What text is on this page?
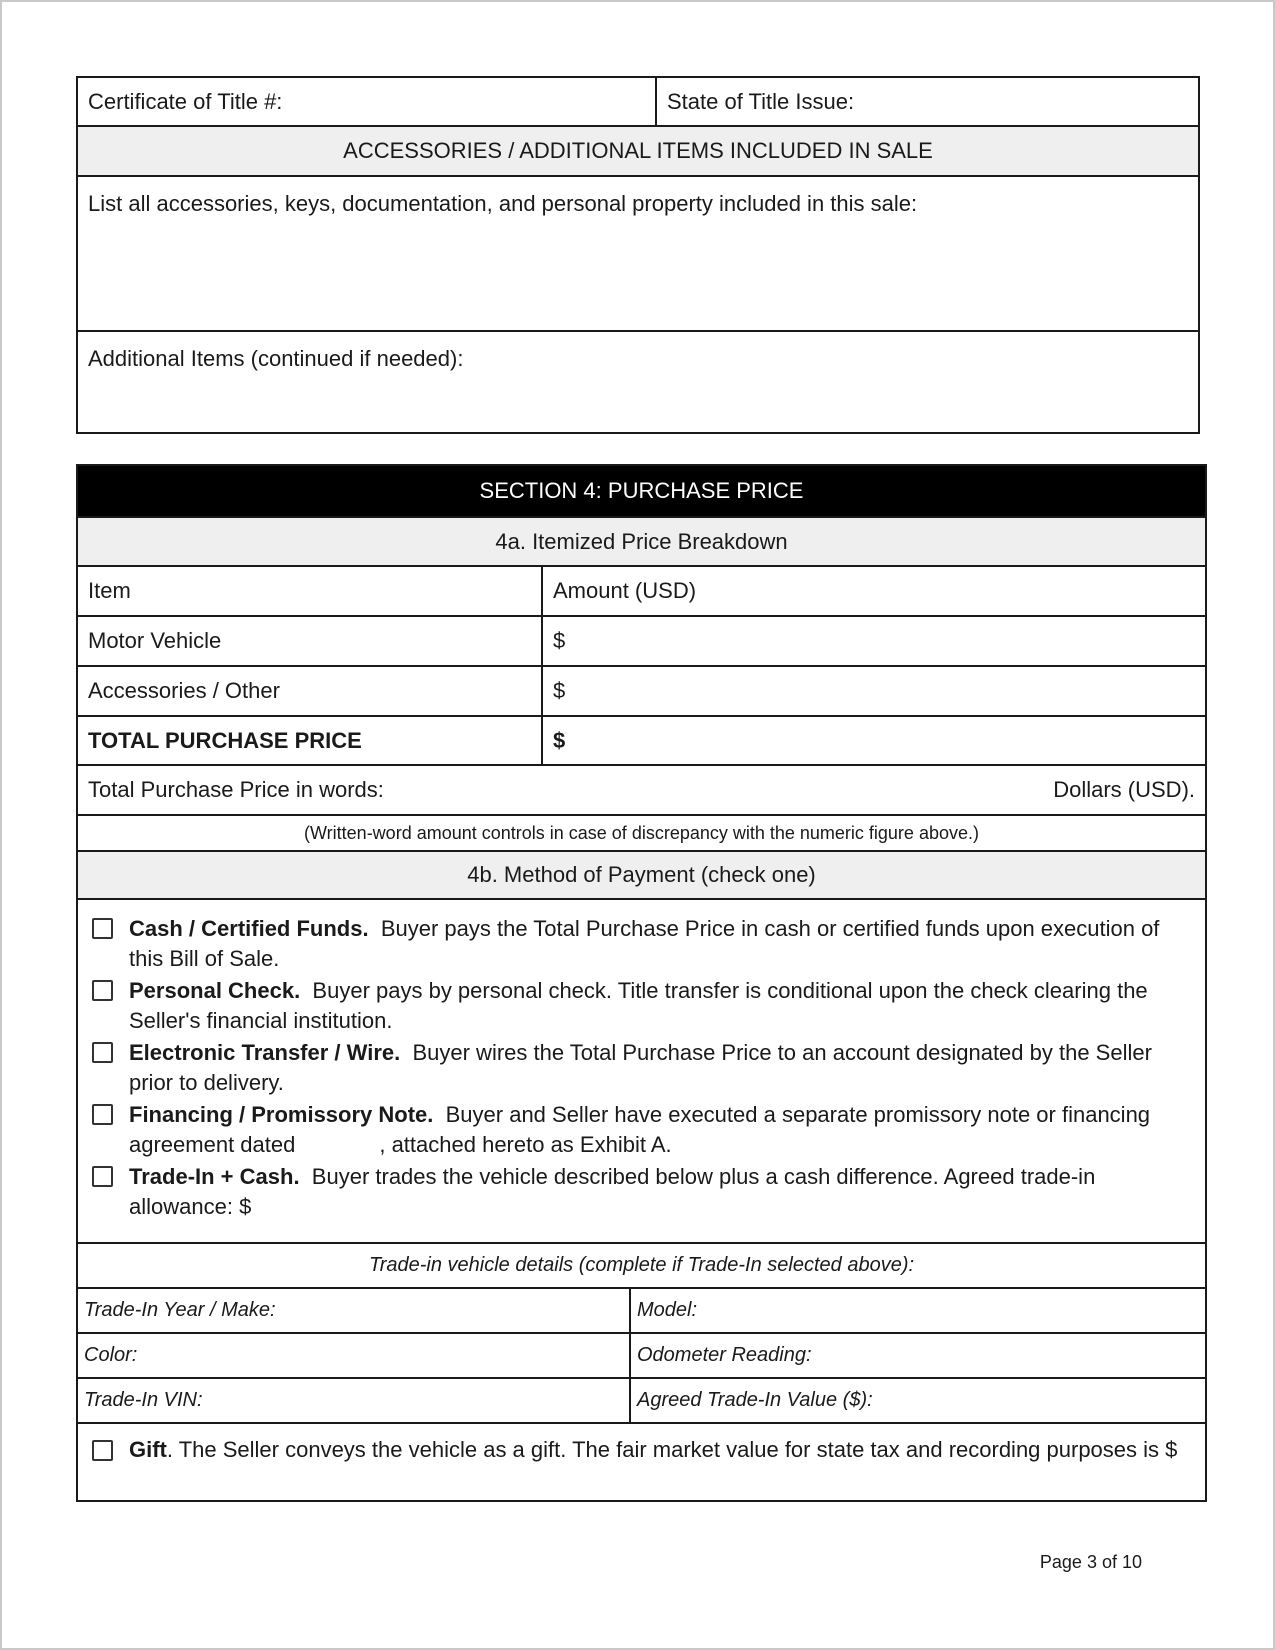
Certificate of Title #:	State of Title Issue:
ACCESSORIES / ADDITIONAL ITEMS INCLUDED IN SALE
List all accessories, keys, documentation, and personal property included in this sale:
Additional Items (continued if needed):
SECTION 4: PURCHASE PRICE		
4a. Itemized Price Breakdown		
Item	Amount (USD)	
Motor Vehicle	$	
Accessories / Other	$	
TOTAL PURCHASE PRICE	$	

Total Purchase Price in words: Dollars (USD).		

(Written-word amount controls in case of discrepancy with the numeric figure above.)		
4b. Method of Payment (check one)		

Cash / Certified Funds. Buyer pays the Total Purchase Price in cash or certified funds upon execution of this Bill of Sale.
Personal Check. Buyer pays by personal check. Title transfer is conditional upon the check clearing the Seller's financial institution.
Electronic Transfer / Wire. Buyer wires the Total Purchase Price to an account designated by the Seller prior to delivery.
Financing / Promissory Note. Buyer and Seller have executed a separate promissory note or financing agreement dated , attached hereto as Exhibit A.
Trade-In + Cash. Buyer trades the vehicle described below plus a cash difference. Agreed trade-in allowance: $		

Trade-in vehicle details (complete if Trade-In selected above):		
Trade-In Year / Make:		Model:
Color:		Odometer Reading:
Trade-In VIN:		Agreed Trade-In Value ($):

Gift. The Seller conveys the vehicle as a gift. The fair market value for state tax and recording purposes is $		
Page 3 of 10
